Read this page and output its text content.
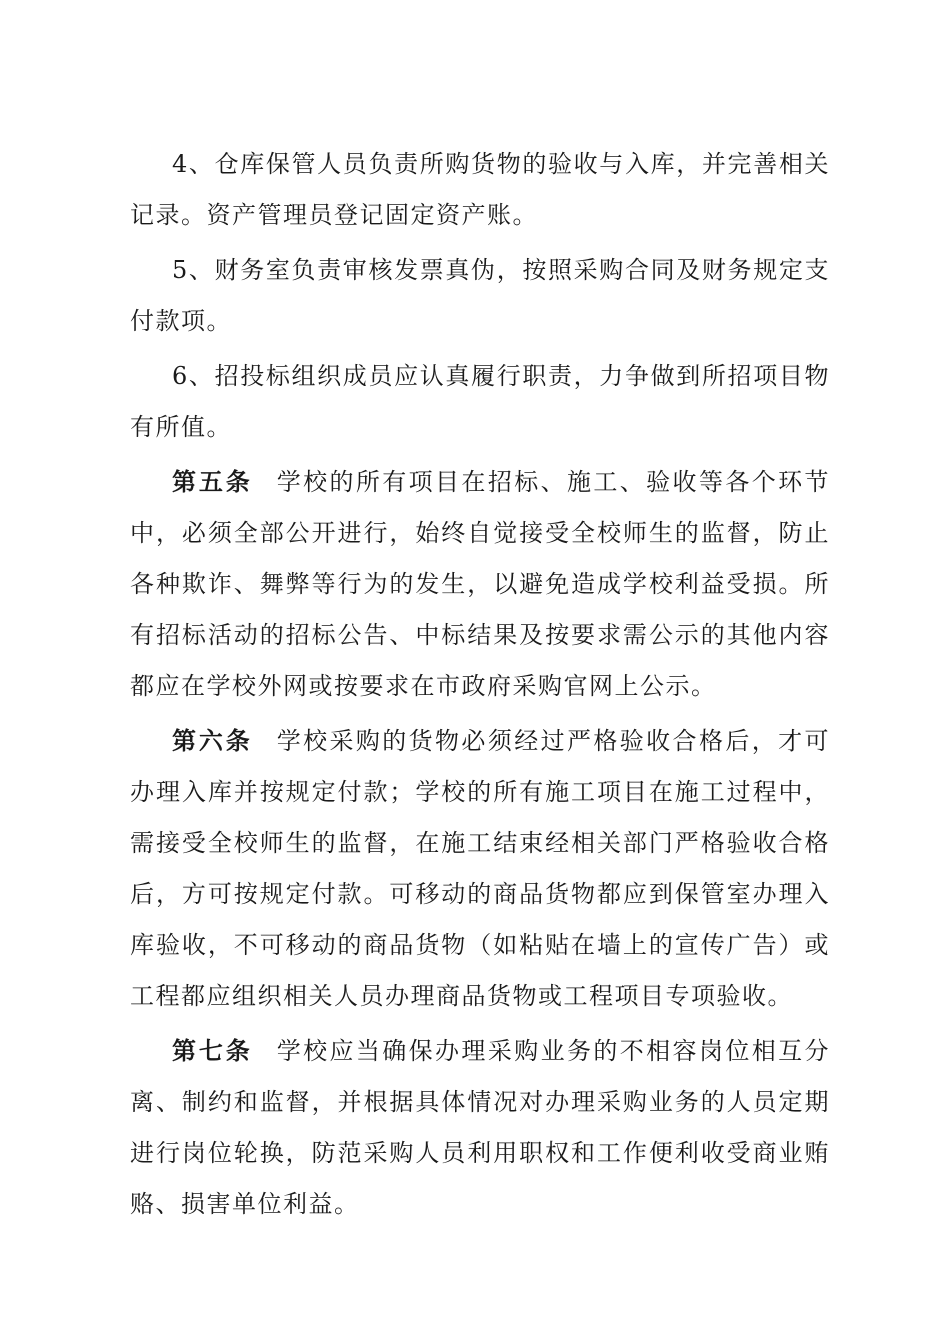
4、仓库保管人员负责所购货物的验收与入库，并完善相关记录。资产管理员登记固定资产账。

5、财务室负责审核发票真伪，按照采购合同及财务规定支付款项。

6、招投标组织成员应认真履行职责，力争做到所招项目物有所值。

第五条 学校的所有项目在招标、施工、验收等各个环节中，必须全部公开进行，始终自觉接受全校师生的监督，防止各种欺诈、舞弊等行为的发生，以避免造成学校利益受损。所有招标活动的招标公告、中标结果及按要求需公示的其他内容都应在学校外网或按要求在市政府采购官网上公示。

第六条 学校采购的货物必须经过严格验收合格后，才可办理入库并按规定付款；学校的所有施工项目在施工过程中，需接受全校师生的监督，在施工结束经相关部门严格验收合格后，方可按规定付款。可移动的商品货物都应到保管室办理入库验收，不可移动的商品货物（如粘贴在墙上的宣传广告）或工程都应组织相关人员办理商品货物或工程项目专项验收。

第七条 学校应当确保办理采购业务的不相容岗位相互分离、制约和监督，并根据具体情况对办理采购业务的人员定期进行岗位轮换，防范采购人员利用职权和工作便利收受商业贿赂、损害单位利益。
